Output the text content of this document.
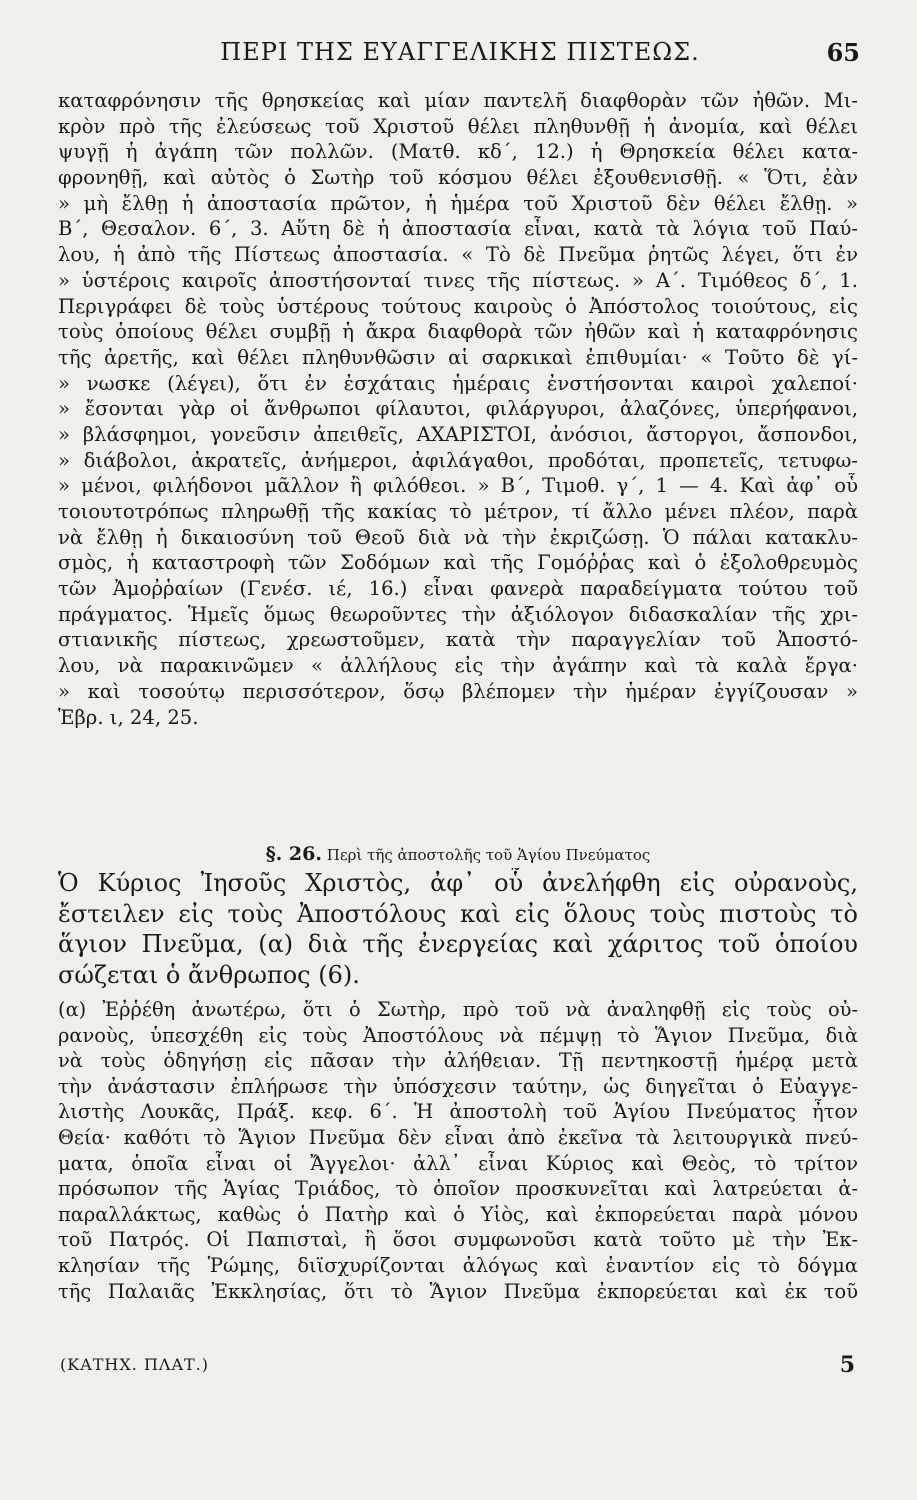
ΠΕΡΙ ΤΗΣ ΕΥΑΓΓΕΛΙΚΗΣ ΠΙΣΤΕΩΣ.	65
καταφρόνησιν τῆς θρησκείας καὶ μίαν παντελῆ διαφθορὰν τῶν ἠθῶν. Μι-
κρὸν πρὸ τῆς ἐλεύσεως τοῦ Χριστοῦ θέλει πληθυνθῇ ἡ ἀνομία, καὶ θέλει
ψυγῇ ἡ ἀγάπη τῶν πολλῶν. (Ματθ. κδ΄, 12.) ἡ Θρησκεία θέλει κατα-
φρονηθῇ, καὶ αὐτὸς ὁ Σωτὴρ τοῦ κόσμου θέλει ἐξουθενισθῇ. « Ὅτι, ἐὰν
» μὴ ἔλθῃ ἡ ἀποστασία πρῶτον, ἡ ἡμέρα τοῦ Χριστοῦ δὲν θέλει ἔλθῃ. »
Β΄, Θεσαλον. 6΄, 3. Αὕτη δὲ ἡ ἀποστασία εἶναι, κατὰ τὰ λόγια τοῦ Παύ-
λου, ἡ ἀπὸ τῆς Πίστεως ἀποστασία. « Τὸ δὲ Πνεῦμα ῥητῶς λέγει, ὅτι ἐν
» ὑστέροις καιροῖς ἀποστήσονταί τινες τῆς πίστεως. » Α΄. Τιμόθεος δ΄, 1.
Περιγράφει δὲ τοὺς ὑστέρους τούτους καιροὺς ὁ Ἀπόστολος τοιούτους, εἰς
τοὺς ὁποίους θέλει συμβῇ ἡ ἄκρα διαφθορὰ τῶν ἠθῶν καὶ ἡ καταφρόνησις
τῆς ἀρετῆς, καὶ θέλει πληθυνθῶσιν αἱ σαρκικαὶ ἐπιθυμίαι· « Τοῦτο δὲ γί-
» νωσκε (λέγει), ὅτι ἐν ἐσχάταις ἡμέραις ἐνστήσονται καιροὶ χαλεποί·
» ἔσονται γὰρ οἱ ἄνθρωποι φίλαυτοι, φιλάργυροι, ἀλαζόνες, ὑπερήφανοι,
» βλάσφημοι, γονεῦσιν ἀπειθεῖς, ΑΧΑΡΙΣΤΟΙ, ἀνόσιοι, ἄστοργοι, ἄσπονδοι,
» διάβολοι, ἀκρατεῖς, ἀνήμεροι, ἀφιλάγαθοι, προδόται, προπετεῖς, τετυφω-
» μένοι, φιλήδονοι μᾶλλον ἢ φιλόθεοι. » Β΄, Τιμοθ. γ΄, 1 — 4. Καὶ ἀφ᾽ οὗ
τοιουτοτρόπως πληρωθῇ τῆς κακίας τὸ μέτρον, τί ἄλλο μένει πλέον, παρὰ
νὰ ἔλθῃ ἡ δικαιοσύνη τοῦ Θεοῦ διὰ νὰ τὴν ἐκριζώσῃ. Ὁ πάλαι κατακλυ-
σμὸς, ἡ καταστροφὴ τῶν Σοδόμων καὶ τῆς Γομόῤῥας καὶ ὁ ἐξολοθρευμὸς
τῶν Ἀμοῤῥαίων (Γενέσ. ιέ, 16.) εἶναι φανερὰ παραδείγματα τούτου τοῦ
πράγματος. Ἡμεῖς ὅμως θεωροῦντες τὴν ἀξιόλογον διδασκαλίαν τῆς χρι-
στιανικῆς πίστεως, χρεωστοῦμεν, κατὰ τὴν παραγγελίαν τοῦ Ἀποστό-
λου, νὰ παρακινῶμεν « ἀλλήλους εἰς τὴν ἀγάπην καὶ τὰ καλὰ ἔργα·
» καὶ τοσούτῳ περισσότερον, ὅσῳ βλέπομεν τὴν ἡμέραν ἐγγίζουσαν »
Ἑβρ. ι, 24, 25.
§. 26. Περὶ τῆς ἀποστολῆς τοῦ Ἁγίου Πνεύματος
Ὁ Κύριος Ἰησοῦς Χριστὸς, ἀφ᾽ οὗ ἀνελήφθη εἰς οὐρανοὺς,
ἔστειλεν εἰς τοὺς Ἀποστόλους καὶ εἰς ὅλους τοὺς πιστοὺς τὸ
ἅγιον Πνεῦμα, (α) διὰ τῆς ἐνεργείας καὶ χάριτος τοῦ ὁποίου
σώζεται ὁ ἄνθρωπος (6).
(α) Ἐῤῥέθη ἀνωτέρω, ὅτι ὁ Σωτὴρ, πρὸ τοῦ νὰ ἀναληφθῇ εἰς τοὺς οὐ-
ρανοὺς, ὑπεσχέθη εἰς τοὺς Ἀποστόλους νὰ πέμψῃ τὸ Ἅγιον Πνεῦμα, διὰ
νὰ τοὺς ὁδηγήσῃ εἰς πᾶσαν τὴν ἀλήθειαν. Τῇ πεντηκοστῇ ἡμέρᾳ μετὰ
τὴν ἀνάστασιν ἐπλήρωσε τὴν ὑπόσχεσιν ταύτην, ὡς διηγεῖται ὁ Εὐαγγε-
λιστὴς Λουκᾶς, Πράξ. κεφ. 6΄. Ἡ ἀποστολὴ τοῦ Ἁγίου Πνεύματος ἦτον
Θεία· καθότι τὸ Ἅγιον Πνεῦμα δὲν εἶναι ἀπὸ ἐκεῖνα τὰ λειτουργικὰ πνεύ-
ματα, ὁποῖα εἶναι οἱ Ἄγγελοι· ἀλλ᾽ εἶναι Κύριος καὶ Θεὸς, τὸ τρίτον
πρόσωπον τῆς Ἁγίας Τριάδος, τὸ ὁποῖον προσκυνεῖται καὶ λατρεύεται ἀ-
παραλλάκτως, καθὼς ὁ Πατὴρ καὶ ὁ Υἱὸς, καὶ ἐκπορεύεται παρὰ μόνου
τοῦ Πατρός. Οἱ Παπισταὶ, ἢ ὅσοι συμφωνοῦσι κατὰ τοῦτο μὲ τὴν Ἐκ-
κλησίαν τῆς Ῥώμης, διϊσχυρίζονται ἀλόγως καὶ ἐναντίον εἰς τὸ δόγμα
τῆς Παλαιᾶς Ἐκκλησίας, ὅτι τὸ Ἅγιον Πνεῦμα ἐκπορεύεται καὶ ἐκ τοῦ
(ΚΑΤΗΧ. ΠΛΑΤ.)	5
